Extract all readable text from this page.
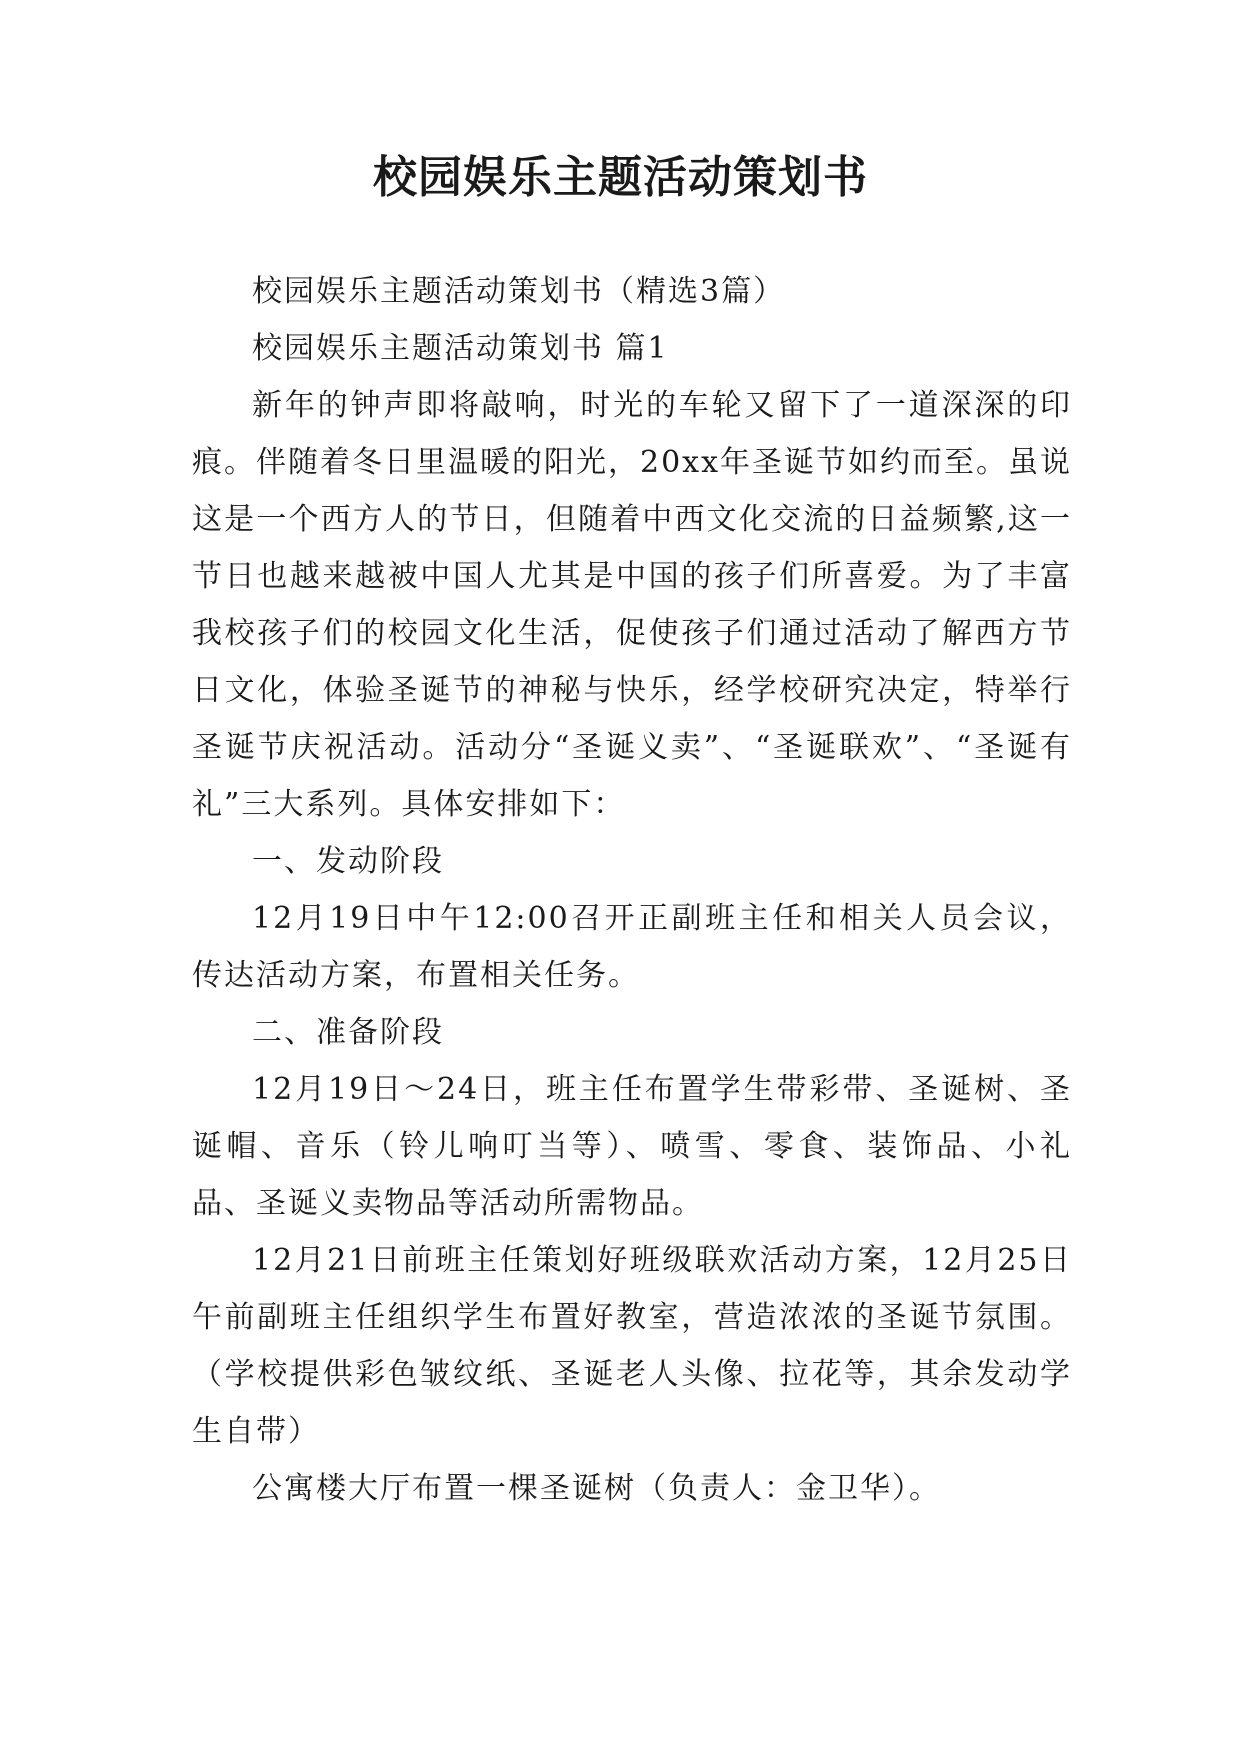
校园娱乐主题活动策划书

校园娱乐主题活动策划书（精选3篇）

校园娱乐主题活动策划书 篇1

新年的钟声即将敲响，时光的车轮又留下了一道深深的印痕。伴随着冬日里温暖的阳光，20xx年圣诞节如约而至。虽说这是一个西方人的节日，但随着中西文化交流的日益频繁,这一节日也越来越被中国人尤其是中国的孩子们所喜爱。为了丰富我校孩子们的校园文化生活，促使孩子们通过活动了解西方节日文化，体验圣诞节的神秘与快乐，经学校研究决定，特举行圣诞节庆祝活动。活动分“圣诞义卖”、“圣诞联欢”、“圣诞有礼”三大系列。具体安排如下：

一、发动阶段

12月19日中午12:00召开正副班主任和相关人员会议，传达活动方案，布置相关任务。

二、准备阶段

12月19日～24日，班主任布置学生带彩带、圣诞树、圣诞帽、音乐（铃儿响叮当等）、喷雪、零食、装饰品、小礼品、圣诞义卖物品等活动所需物品。

12月21日前班主任策划好班级联欢活动方案，12月25日午前副班主任组织学生布置好教室，营造浓浓的圣诞节氛围。（学校提供彩色皱纹纸、圣诞老人头像、拉花等，其余发动学生自带）

公寓楼大厅布置一棵圣诞树（负责人：金卫华）。
